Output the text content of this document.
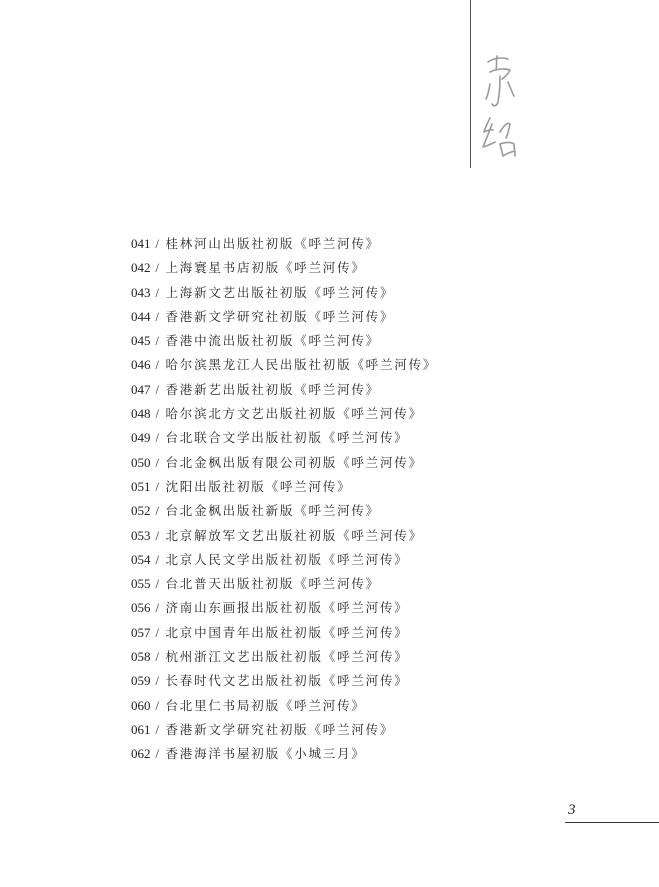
041 / 桂林河山出版社初版《呼兰河传》
042 / 上海寰星书店初版《呼兰河传》
043 / 上海新文艺出版社初版《呼兰河传》
044 / 香港新文学研究社初版《呼兰河传》
045 / 香港中流出版社初版《呼兰河传》
046 / 哈尔滨黑龙江人民出版社初版《呼兰河传》
047 / 香港新艺出版社初版《呼兰河传》
048 / 哈尔滨北方文艺出版社初版《呼兰河传》
049 / 台北联合文学出版社初版《呼兰河传》
050 / 台北金枫出版有限公司初版《呼兰河传》
051 / 沈阳出版社初版《呼兰河传》
052 / 台北金枫出版社新版《呼兰河传》
053 / 北京解放军文艺出版社初版《呼兰河传》
054 / 北京人民文学出版社初版《呼兰河传》
055 / 台北普天出版社初版《呼兰河传》
056 / 济南山东画报出版社初版《呼兰河传》
057 / 北京中国青年出版社初版《呼兰河传》
058 / 杭州浙江文艺出版社初版《呼兰河传》
059 / 长春时代文艺出版社初版《呼兰河传》
060 / 台北里仁书局初版《呼兰河传》
061 / 香港新文学研究社初版《呼兰河传》
062 / 香港海洋书屋初版《小城三月》
3
